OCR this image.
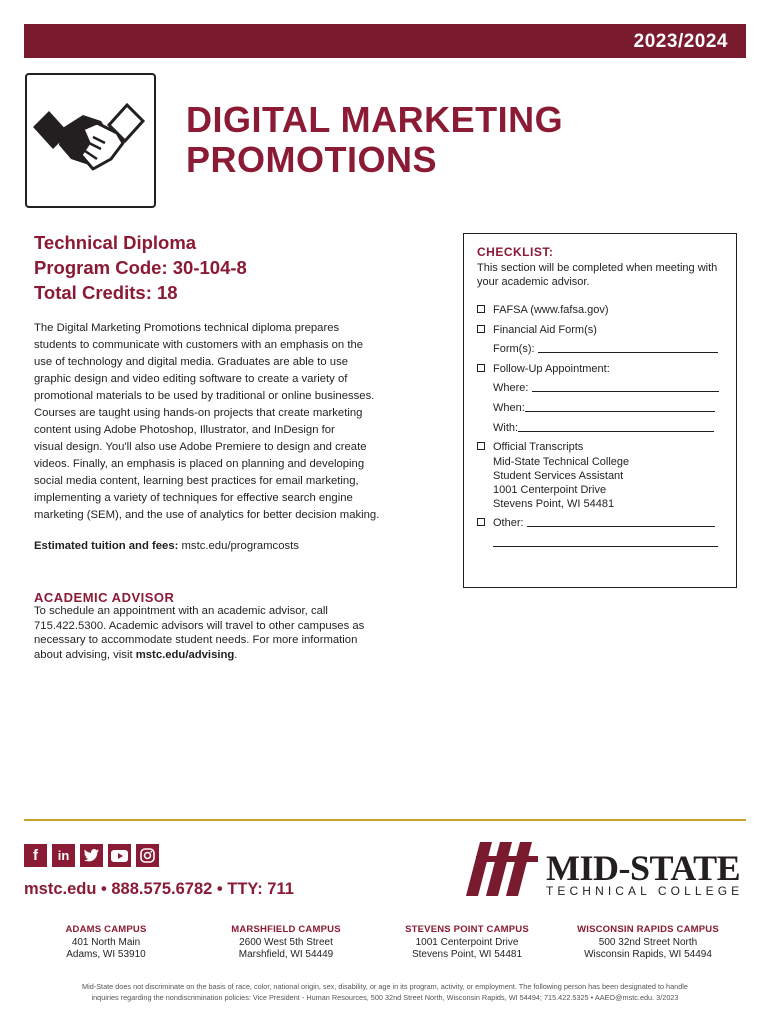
2023/2024
DIGITAL MARKETING
PROMOTIONS
Technical Diploma
Program Code: 30-104-8
Total Credits: 18
The Digital Marketing Promotions technical diploma prepares
students to communicate with customers with an emphasis on the
use of technology and digital media. Graduates are able to use
graphic design and video editing software to create a variety of
promotional materials to be used by traditional or online businesses.
Courses are taught using hands-on projects that create marketing
content using Adobe Photoshop, Illustrator, and InDesign for
visual design. You'll also use Adobe Premiere to design and create
videos. Finally, an emphasis is placed on planning and developing
social media content, learning best practices for email marketing,
implementing a variety of techniques for effective search engine
marketing (SEM), and the use of analytics for better decision making.
Estimated tuition and fees: mstc.edu/programcosts
CHECKLIST:
This section will be completed when meeting with your academic advisor.
FAFSA (www.fafsa.gov)
Financial Aid Form(s)
Form(s):
Follow-Up Appointment:
Where:
When:
With:
Official Transcripts
Mid-State Technical College
Student Services Assistant
1001 Centerpoint Drive
Stevens Point, WI 54481
Other:
ACADEMIC ADVISOR
To schedule an appointment with an academic advisor, call
715.422.5300. Academic advisors will travel to other campuses as
necessary to accommodate student needs. For more information
about advising, visit mstc.edu/advising.
f	in
mstc.edu • 888.575.6782 • TTY: 711
MID-STATE
TECHNICAL COLLEGE
ADAMS CAMPUS
401 North Main
Adams, WI 53910
MARSHFIELD CAMPUS
2600 West 5th Street
Marshfield, WI 54449
STEVENS POINT CAMPUS
1001 Centerpoint Drive
Stevens Point, WI 54481
WISCONSIN RAPIDS CAMPUS
500 32nd Street North
Wisconsin Rapids, WI 54494
Mid-State does not discriminate on the basis of race, color, national origin, sex, disability, or age in its program, activity, or employment. The following person has been designated to handle
inquiries regarding the nondiscrimination policies: Vice President - Human Resources, 500 32nd Street North, Wisconsin Rapids, WI 54494; 715.422.5325 • AAEO@mstc.edu. 3/2023
